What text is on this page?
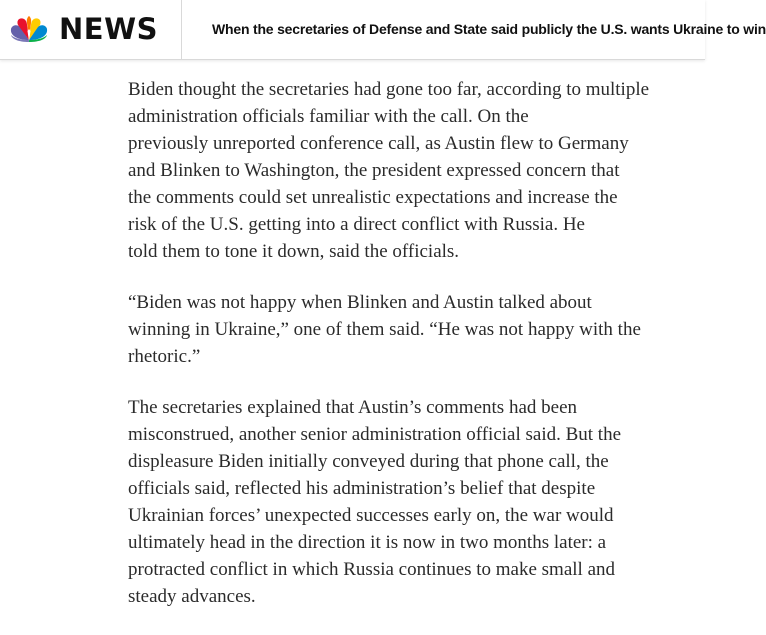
NEWS	When the secretaries of Defense and State said publicly the U.S. wants Ukraine to win

Biden thought the secretaries had gone too far, according to multiple
administration officials familiar with the call. On the
previously unreported conference call, as Austin flew to Germany
and Blinken to Washington, the president expressed concern that
the comments could set unrealistic expectations and increase the
risk of the U.S. getting into a direct conflict with Russia. He
told them to tone it down, said the officials.

“Biden was not happy when Blinken and Austin talked about
winning in Ukraine,” one of them said. “He was not happy with the
rhetoric.”

The secretaries explained that Austin’s comments had been
misconstrued, another senior administration official said. But the
displeasure Biden initially conveyed during that phone call, the
officials said, reflected his administration’s belief that despite
Ukrainian forces’ unexpected successes early on, the war would
ultimately head in the direction it is now in two months later: a
protracted conflict in which Russia continues to make small and
steady advances.
